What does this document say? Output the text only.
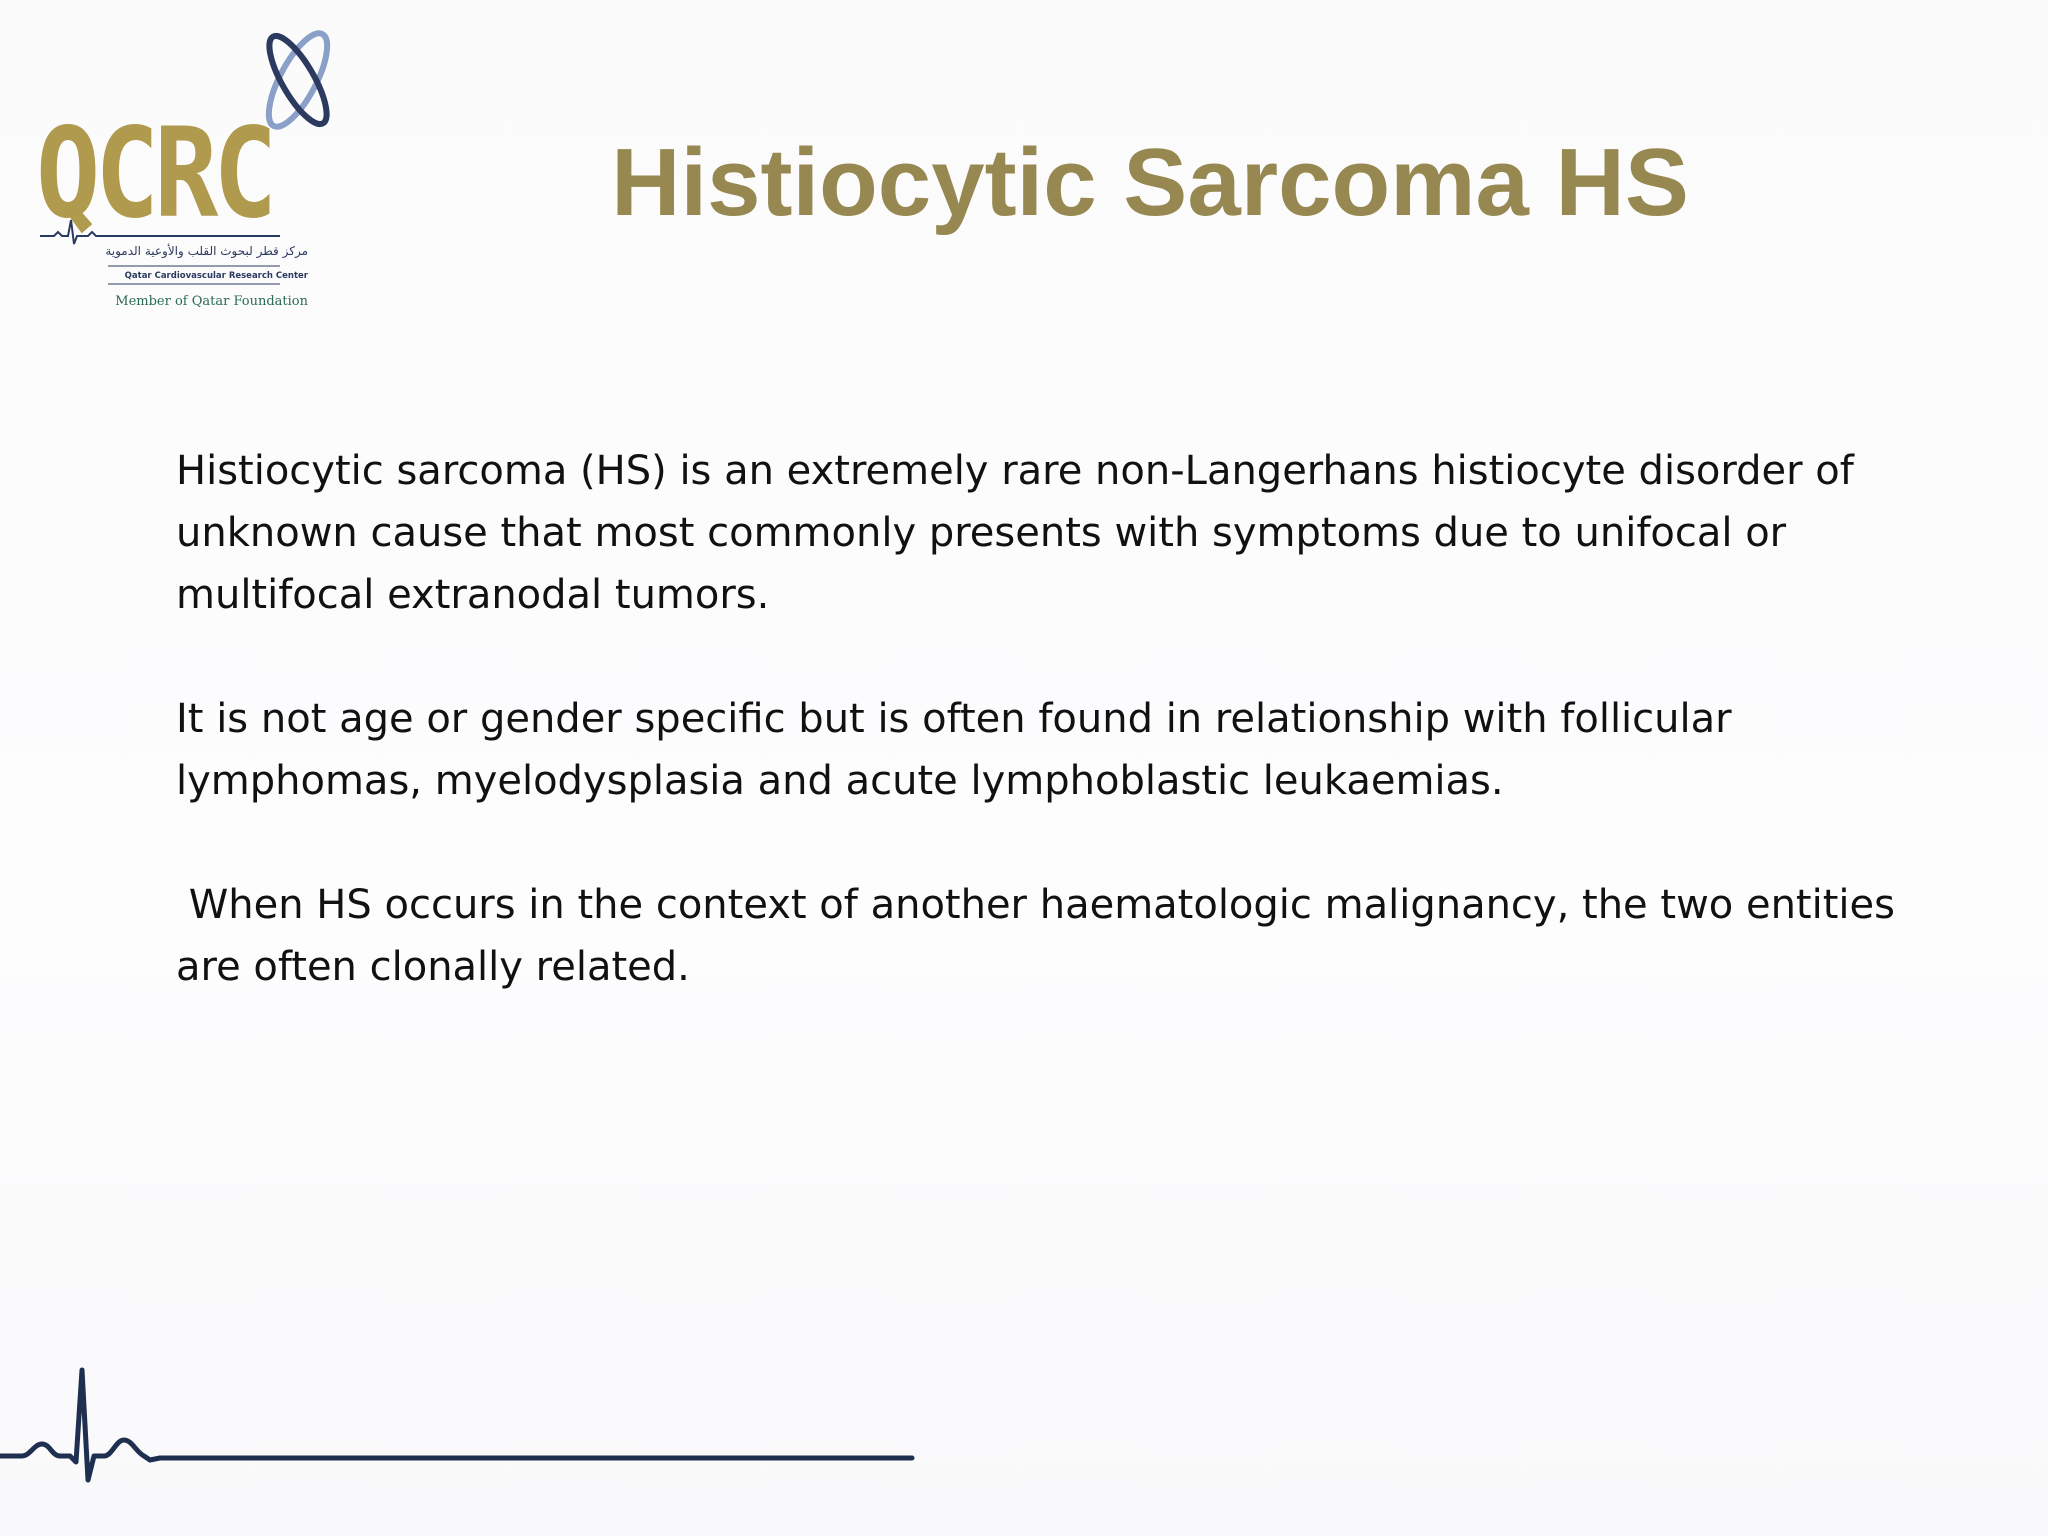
QCRC
مركز قطر لبحوث القلب والأوعية الدموية
Qatar Cardiovascular Research Center
Member of Qatar Foundation
Histiocytic Sarcoma HS

Histiocytic sarcoma (HS) is an extremely rare non-Langerhans histiocyte disorder of unknown cause that most commonly presents with symptoms due to unifocal or multifocal extranodal tumors.

It is not age or gender specific but is often found in relationship with follicular lymphomas, myelodysplasia and acute lymphoblastic leukaemias.

When HS occurs in the context of another haematologic malignancy, the two entities are often clonally related.
